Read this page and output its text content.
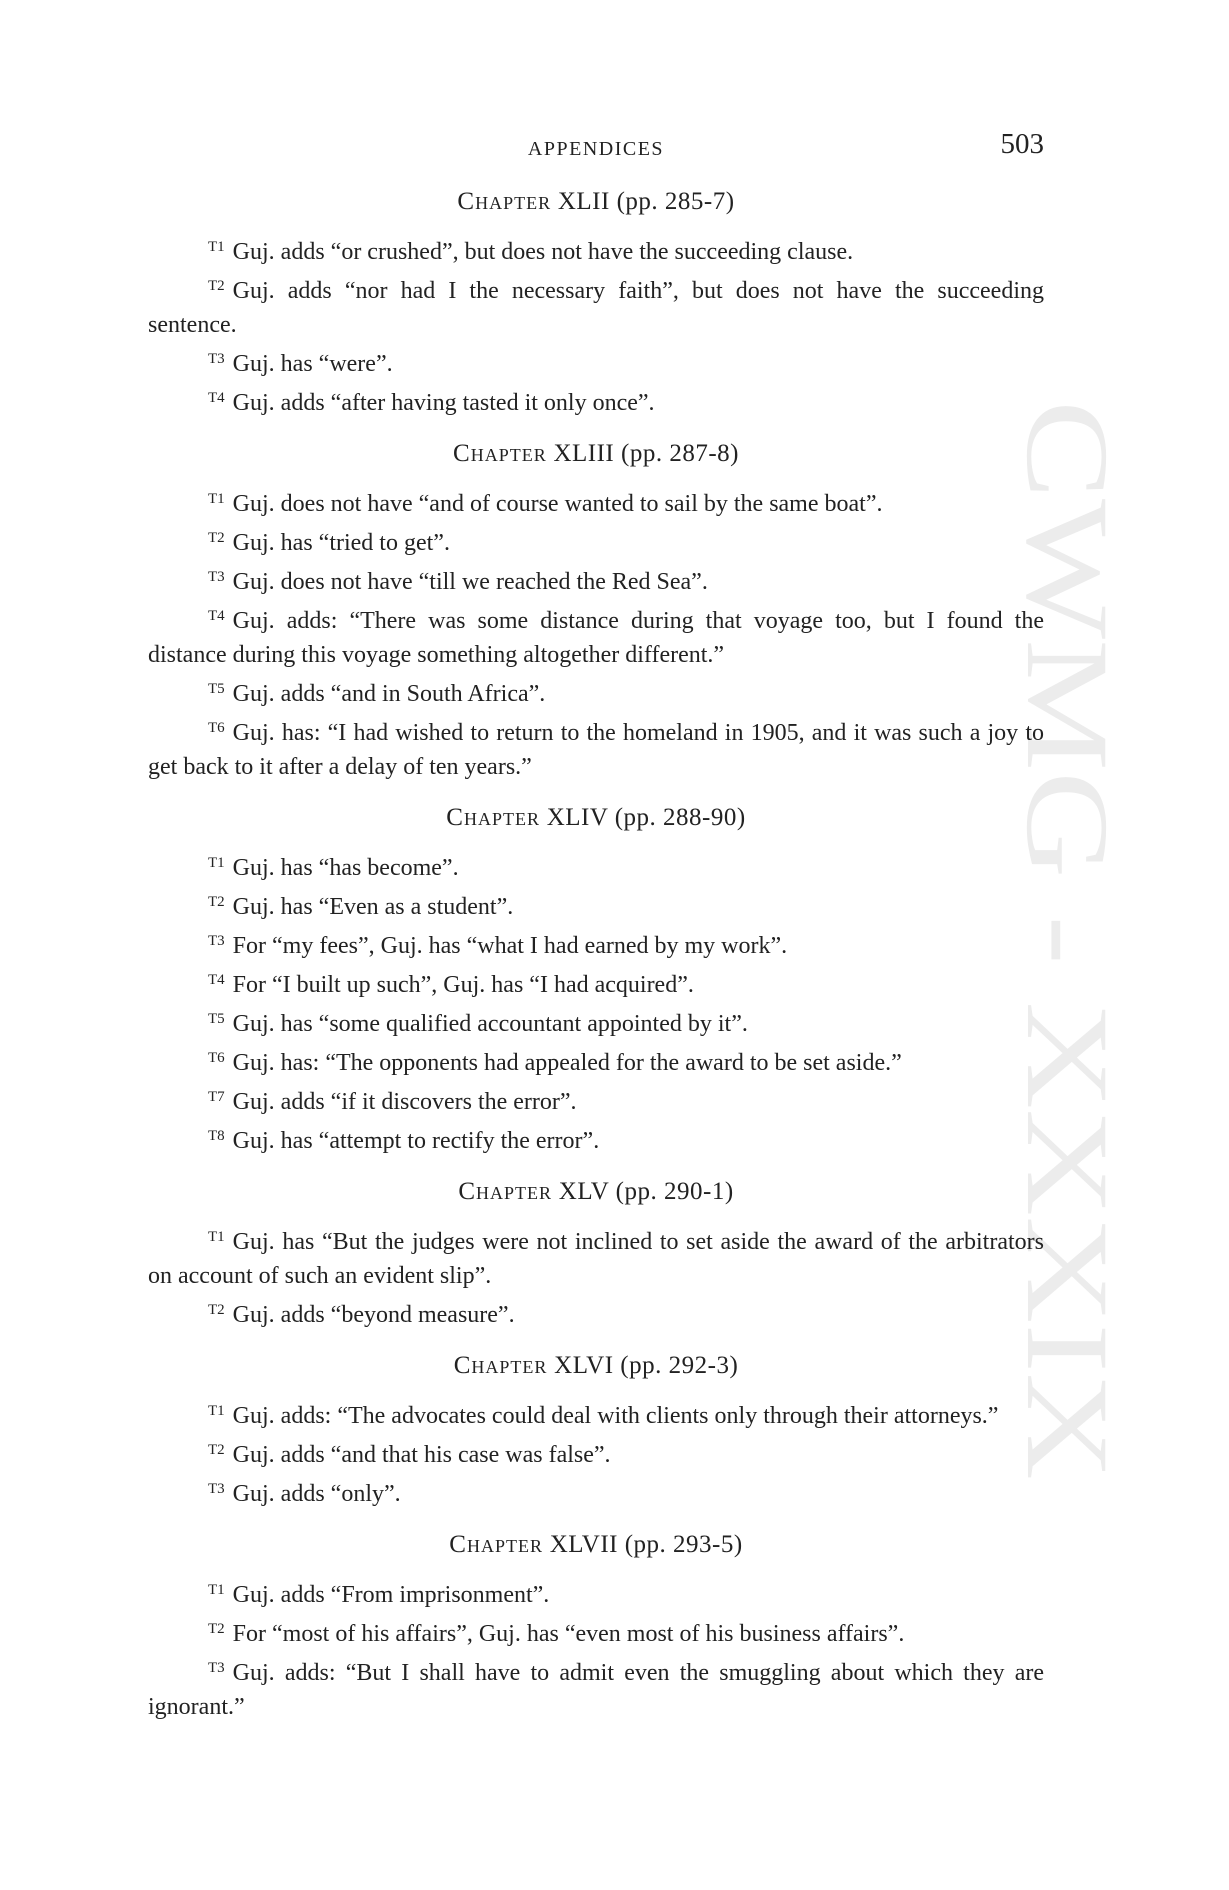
CWMG - XXXIX
APPENDICES	503
Chapter XLII (pp. 285-7)

$^{T1}$ Guj. adds “or crushed”, but does not have the succeeding clause.

$^{T2}$ Guj. adds “nor had I the necessary faith”, but does not have the succeeding sentence.

$^{T3}$ Guj. has “were”.

$^{T4}$ Guj. adds “after having tasted it only once”.

Chapter XLIII (pp. 287-8)

$^{T1}$ Guj. does not have “and of course wanted to sail by the same boat”.

$^{T2}$ Guj. has “tried to get”.

$^{T3}$ Guj. does not have “till we reached the Red Sea”.

$^{T4}$ Guj. adds: “There was some distance during that voyage too, but I found the distance during this voyage something altogether different.”

$^{T5}$ Guj. adds “and in South Africa”.

$^{T6}$ Guj. has: “I had wished to return to the homeland in 1905, and it was such a joy to get back to it after a delay of ten years.”

Chapter XLIV (pp. 288-90)

$^{T1}$ Guj. has “has become”.

$^{T2}$ Guj. has “Even as a student”.

$^{T3}$ For “my fees”, Guj. has “what I had earned by my work”.

$^{T4}$ For “I built up such”, Guj. has “I had acquired”.

$^{T5}$ Guj. has “some qualified accountant appointed by it”.

$^{T6}$ Guj. has: “The opponents had appealed for the award to be set aside.”

$^{T7}$ Guj. adds “if it discovers the error”.

$^{T8}$ Guj. has “attempt to rectify the error”.

Chapter XLV (pp. 290-1)

$^{T1}$ Guj. has “But the judges were not inclined to set aside the award of the arbitrators on account of such an evident slip”.

$^{T2}$ Guj. adds “beyond measure”.

Chapter XLVI (pp. 292-3)

$^{T1}$ Guj. adds: “The advocates could deal with clients only through their attorneys.”

$^{T2}$ Guj. adds “and that his case was false”.

$^{T3}$ Guj. adds “only”.

Chapter XLVII (pp. 293-5)

$^{T1}$ Guj. adds “From imprisonment”.

$^{T2}$ For “most of his affairs”, Guj. has “even most of his business affairs”.

$^{T3}$ Guj. adds: “But I shall have to admit even the smuggling about which they are ignorant.”
